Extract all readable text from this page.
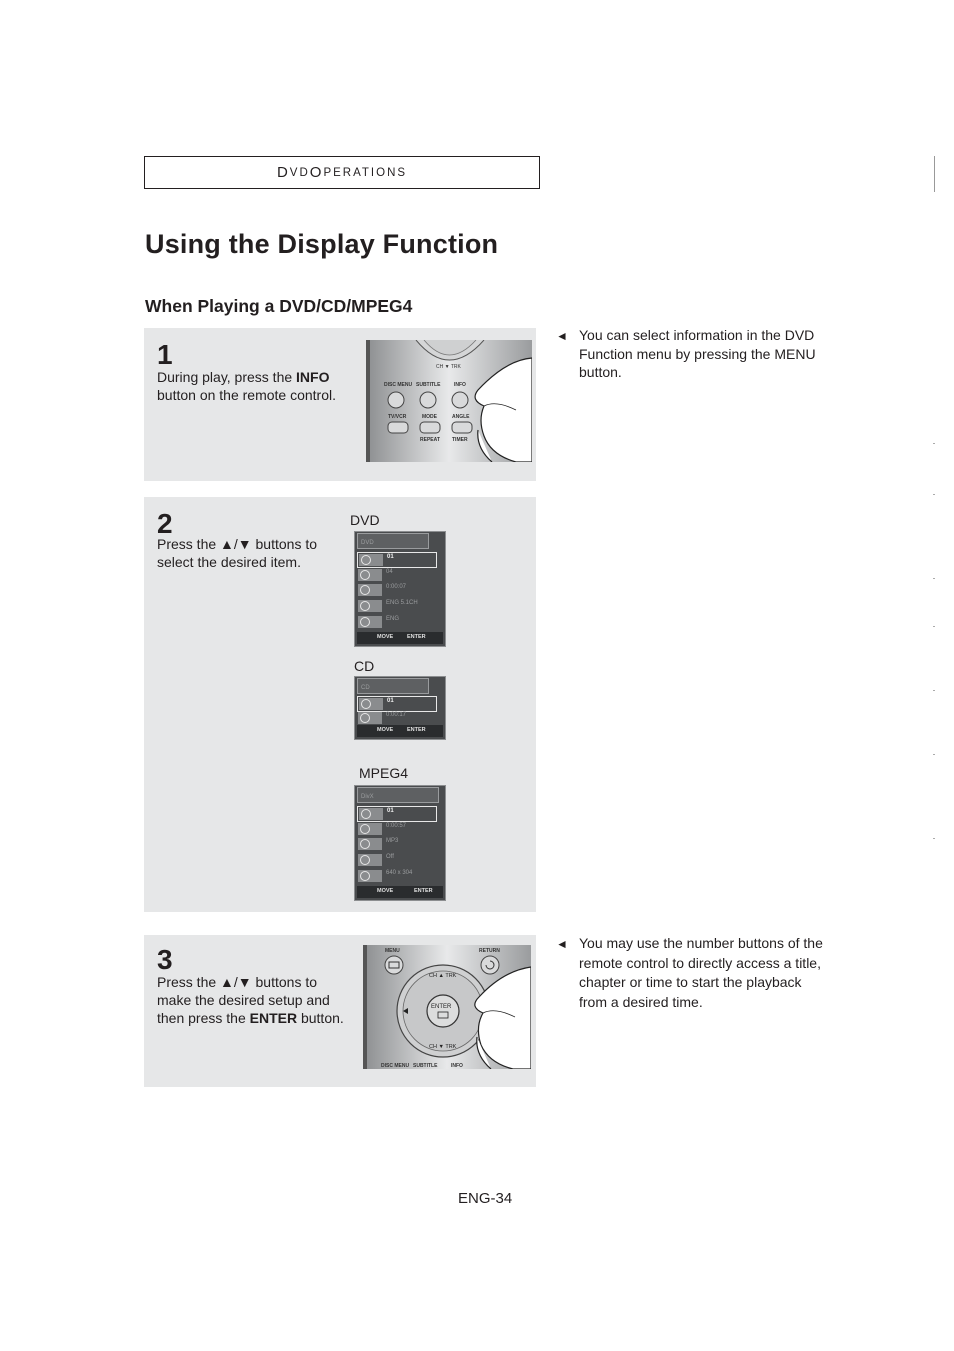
D VD O PERATIONS
Using the Display Function
When Playing a DVD/CD/MPEG4
1
During play, press the INFO button on the remote control.
CH ▼ TRK
DISC MENU SUBTITLE	INFO
TV/VCR	MODE	ANGLE
REPEAT TIMER
◄ You can select information in the DVD Function menu by pressing the MENU button.
2
Press the ▲/▼ buttons to select the desired item.
DVD
DVD
01
04
0:00:07
ENG 5.1CH
ENG
MOVE	ENTER
CD
CD
01
0:00:17
MOVE	ENTER
MPEG4
DivX
01
0:00:57
MP3
Off
640 x 304
MOVE	ENTER
3
Press the ▲/▼ buttons to make the desired setup and then press the ENTER button.
MENU	RETURN
ENTER
CH ▲ TRK
CH ▼ TRK
DISC MENU SUBTITLE	INFO
◄ You may use the number buttons of the remote control to directly access a title, chapter or time to start the playback from a desired time.
ENG-34
